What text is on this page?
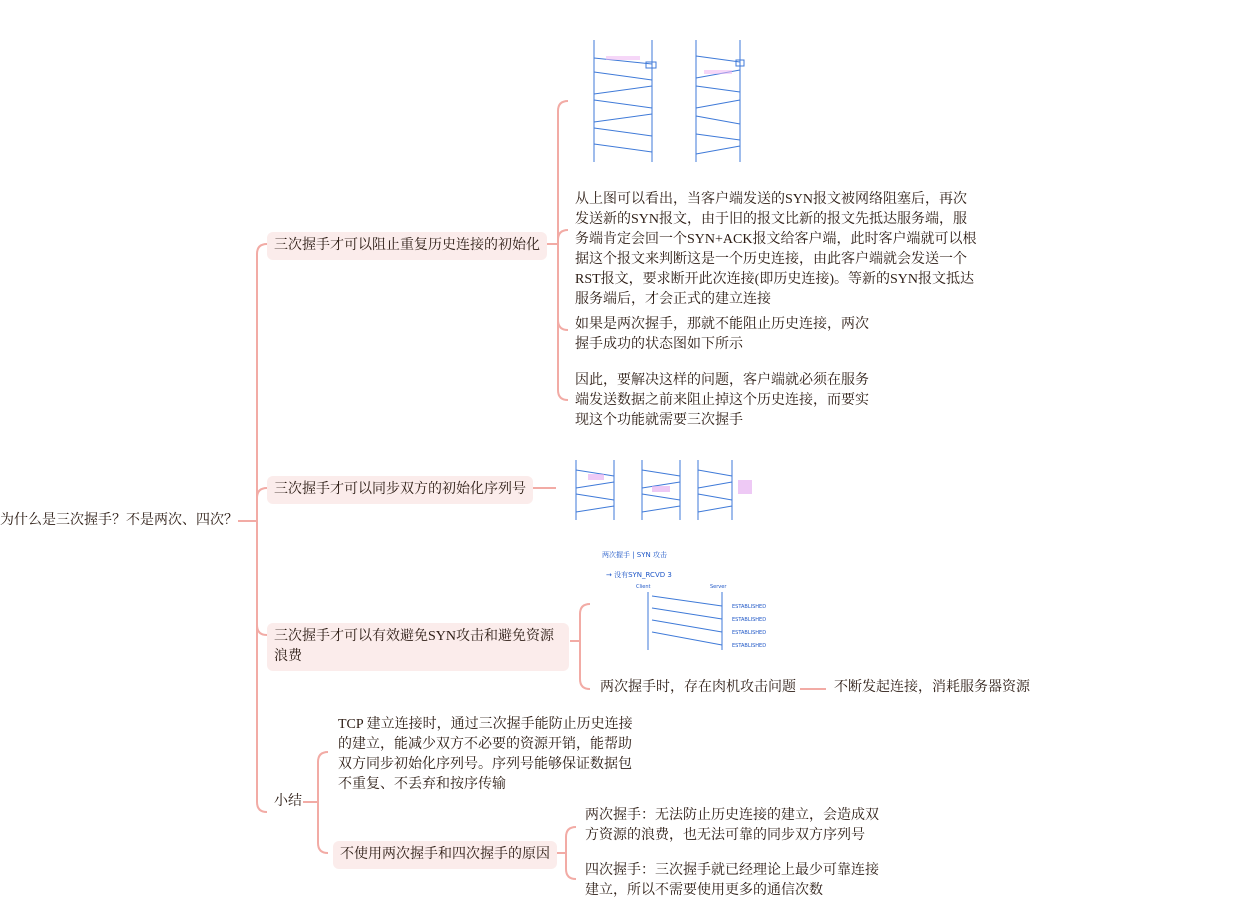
为什么是三次握手？不是两次、四次？
三次握手才可以阻止重复历史连接的初始化
从上图可以看出，当客户端发送的SYN报文被网络阻塞后，再次发送新的SYN报文，由于旧的报文比新的报文先抵达服务端，服务端肯定会回一个SYN+ACK报文给客户端，此时客户端就可以根据这个报文来判断这是一个历史连接，由此客户端就会发送一个RST报文，要求断开此次连接(即历史连接)。等新的SYN报文抵达服务端后，才会正式的建立连接
如果是两次握手，那就不能阻止历史连接，两次握手成功的状态图如下所示
因此，要解决这样的问题，客户端就必须在服务端发送数据之前来阻止掉这个历史连接，而要实现这个功能就需要三次握手
三次握手才可以同步双方的初始化序列号
三次握手才可以有效避免SYN攻击和避免资源浪费
两次握手 | SYN 攻击
→ 没有SYN_RCVD 3
Client	Server
ESTABLISHED
ESTABLISHED
ESTABLISHED
ESTABLISHED
两次握手时，存在肉机攻击问题	不断发起连接，消耗服务器资源
小结
TCP 建立连接时，通过三次握手能防止历史连接的建立，能减少双方不必要的资源开销，能帮助双方同步初始化序列号。序列号能够保证数据包不重复、不丢弃和按序传输
不使用两次握手和四次握手的原因
两次握手：无法防止历史连接的建立，会造成双方资源的浪费，也无法可靠的同步双方序列号
四次握手：三次握手就已经理论上最少可靠连接建立，所以不需要使用更多的通信次数
